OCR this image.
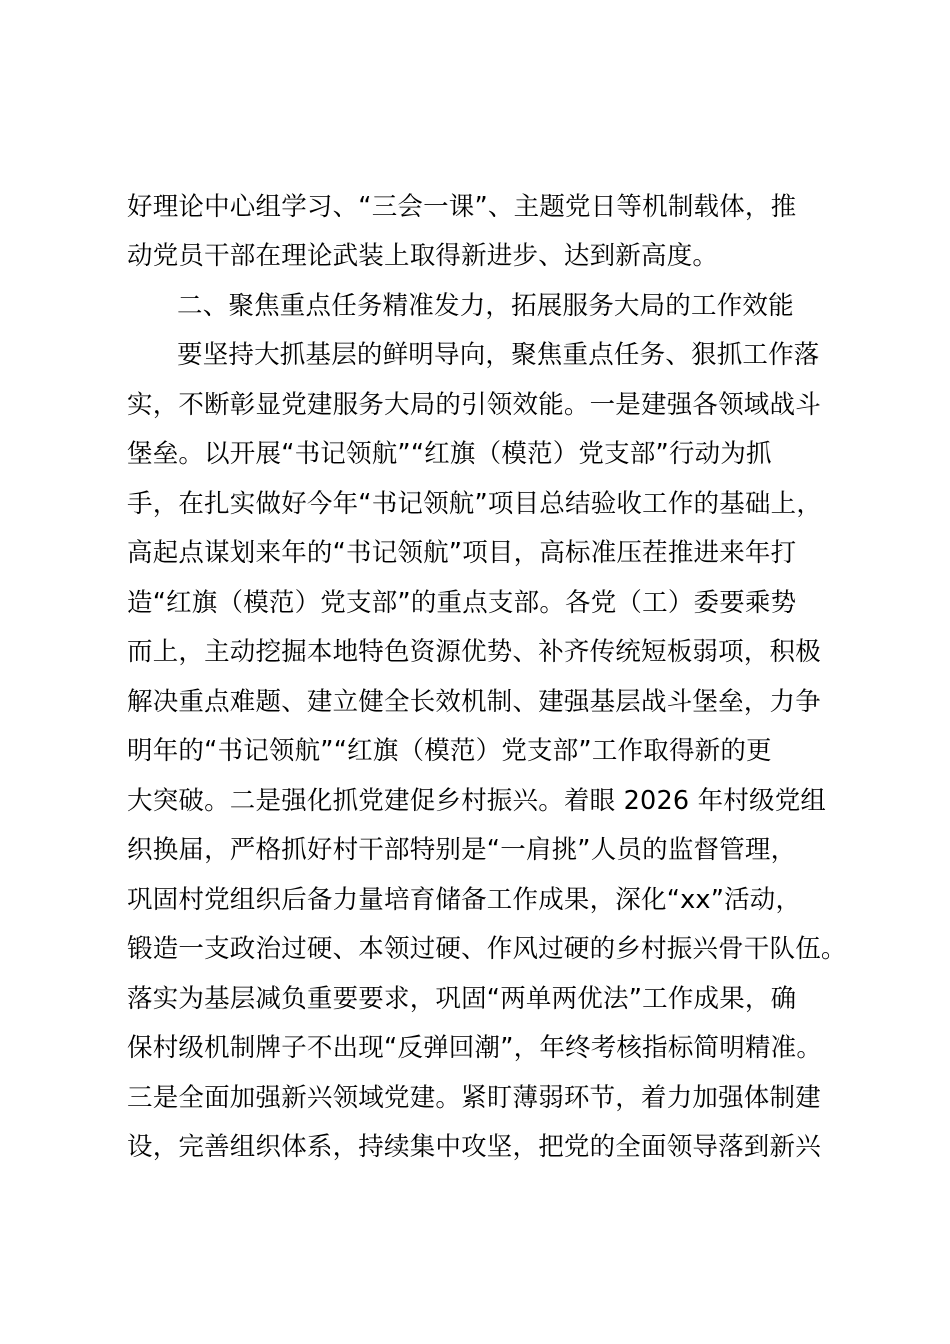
好理论中心组学习、“三会一课”、主题党日等机制载体，推
动党员干部在理论武装上取得新进步、达到新高度。
二、聚焦重点任务精准发力，拓展服务大局的工作效能
要坚持大抓基层的鲜明导向，聚焦重点任务、狠抓工作落
实，不断彰显党建服务大局的引领效能。一是建强各领域战斗
堡垒。以开展“书记领航”“红旗（模范）党支部”行动为抓
手，在扎实做好今年“书记领航”项目总结验收工作的基础上，
高起点谋划来年的“书记领航”项目，高标准压茬推进来年打
造“红旗（模范）党支部”的重点支部。各党（工）委要乘势
而上，主动挖掘本地特色资源优势、补齐传统短板弱项，积极
解决重点难题、建立健全长效机制、建强基层战斗堡垒，力争
明年的“书记领航”“红旗（模范）党支部”工作取得新的更
大突破。二是强化抓党建促乡村振兴。着眼 2026 年村级党组
织换届，严格抓好村干部特别是“一肩挑”人员的监督管理，
巩固村党组织后备力量培育储备工作成果，深化“xx”活动，
锻造一支政治过硬、本领过硬、作风过硬的乡村振兴骨干队伍。
落实为基层减负重要要求，巩固“两单两优法”工作成果，确
保村级机制牌子不出现“反弹回潮”，年终考核指标简明精准。
三是全面加强新兴领域党建。紧盯薄弱环节，着力加强体制建
设，完善组织体系，持续集中攻坚，把党的全面领导落到新兴
